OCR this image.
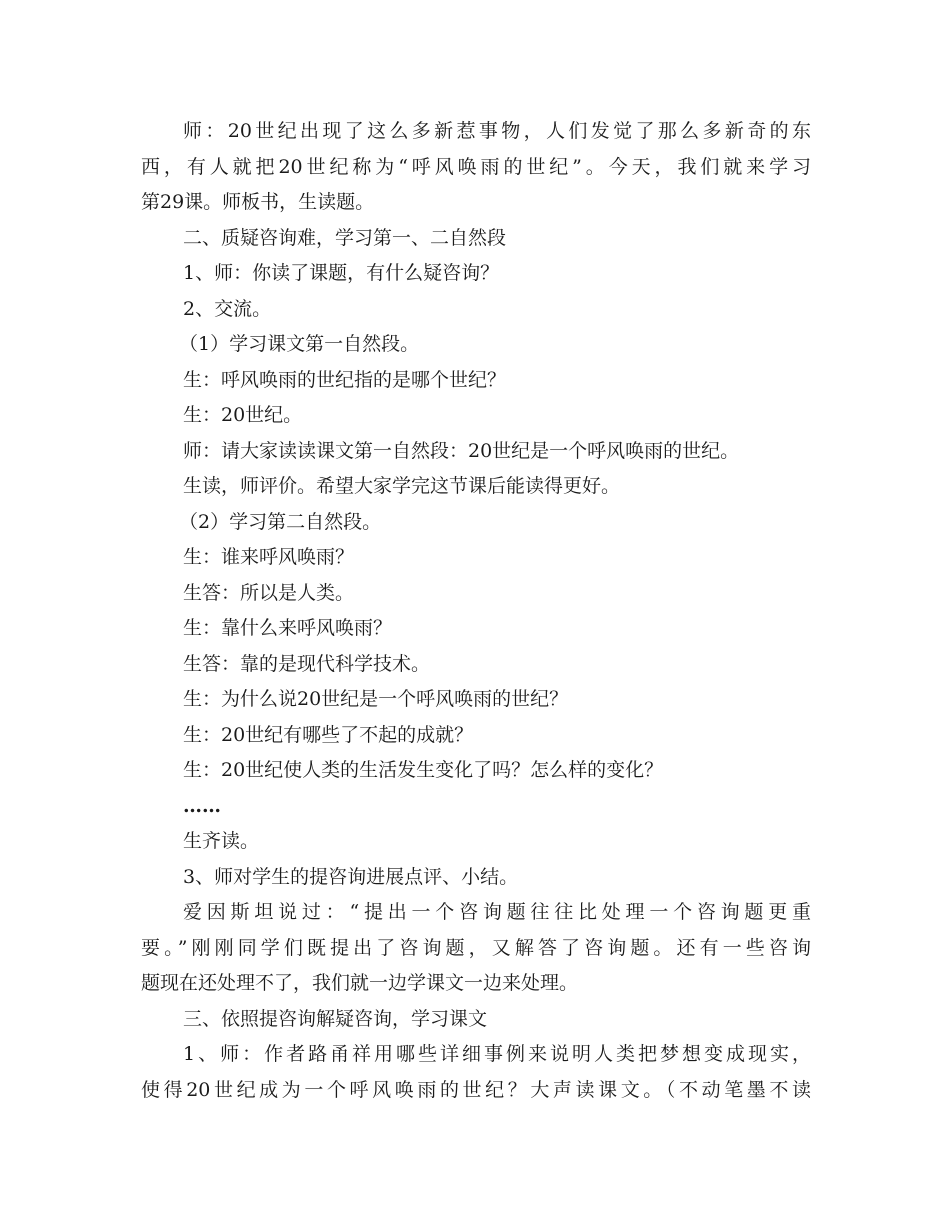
师：20世纪出现了这么多新惹事物，人们发觉了那么多新奇的东
西，有人就把20世纪称为“呼风唤雨的世纪”。今天，我们就来学习
第29课。师板书，生读题。
二、质疑咨询难，学习第一、二自然段
1、师：你读了课题，有什么疑咨询？
2、交流。
（1）学习课文第一自然段。
生：呼风唤雨的世纪指的是哪个世纪？
生：20世纪。
师：请大家读读课文第一自然段：20世纪是一个呼风唤雨的世纪。
生读，师评价。希望大家学完这节课后能读得更好。
（2）学习第二自然段。
生：谁来呼风唤雨？
生答：所以是人类。
生：靠什么来呼风唤雨？
生答：靠的是现代科学技术。
生：为什么说20世纪是一个呼风唤雨的世纪？
生：20世纪有哪些了不起的成就？
生：20世纪使人类的生活发生变化了吗？怎么样的变化？
……
生齐读。
3、师对学生的提咨询进展点评、小结。
爱因斯坦说过：“提出一个咨询题往往比处理一个咨询题更重
要。”刚刚同学们既提出了咨询题，又解答了咨询题。还有一些咨询
题现在还处理不了，我们就一边学课文一边来处理。
三、依照提咨询解疑咨询，学习课文
1、师：作者路甬祥用哪些详细事例来说明人类把梦想变成现实，
使得20世纪成为一个呼风唤雨的世纪？大声读课文。（不动笔墨不读
